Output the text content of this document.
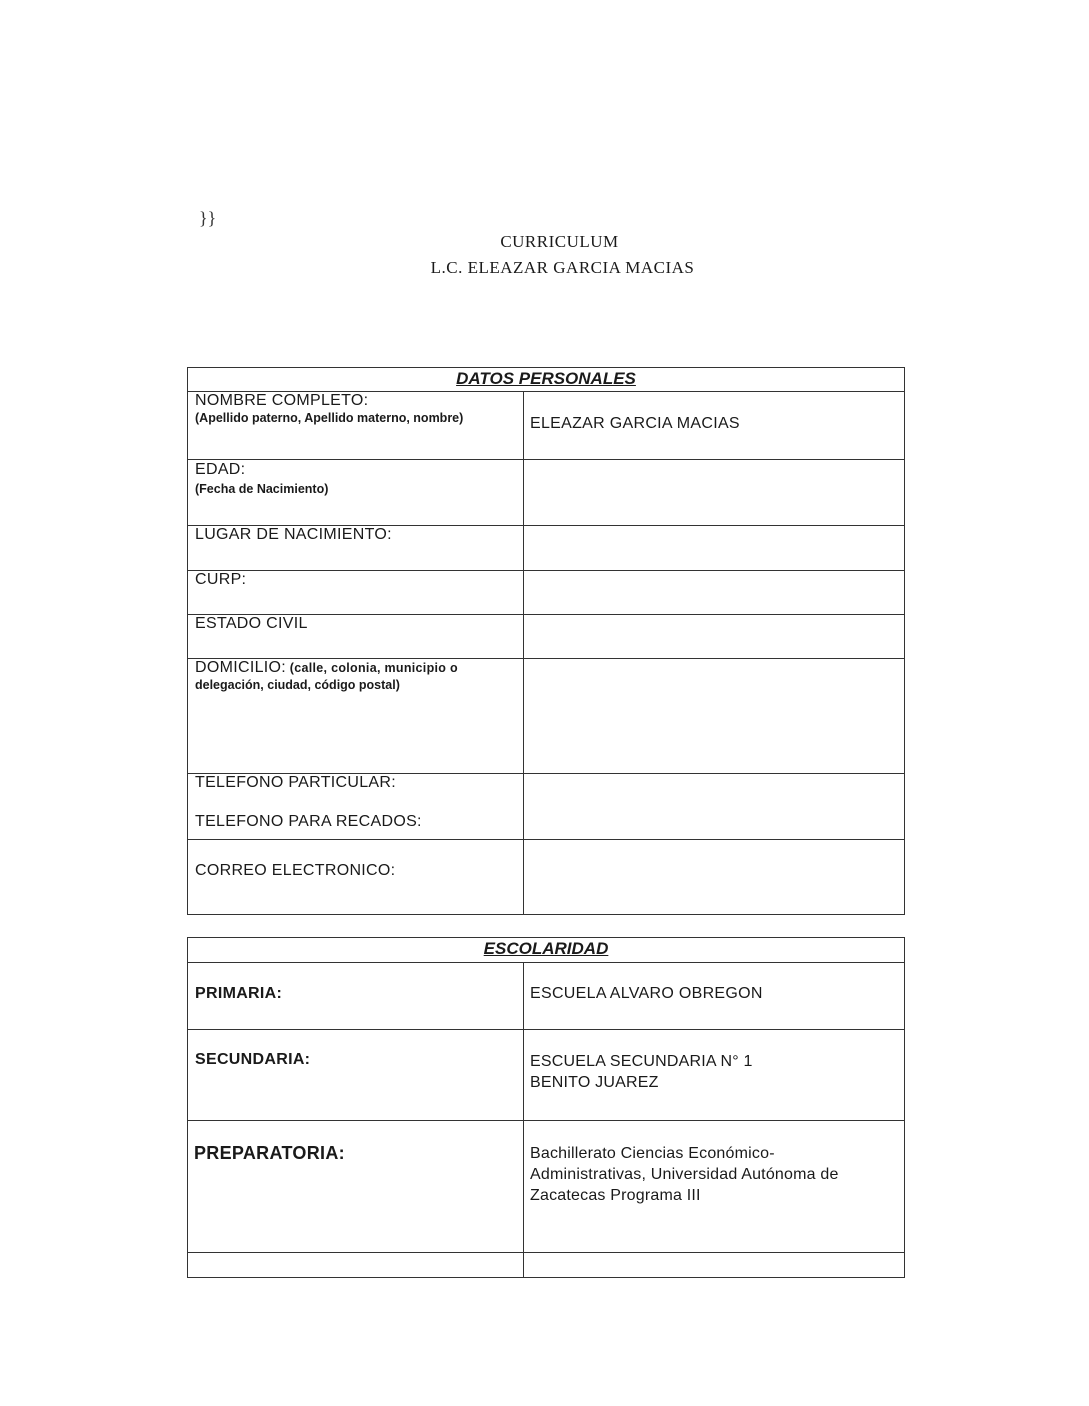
}}
CURRICULUM
L.C. ELEAZAR GARCIA MACIAS
DATOS PERSONALES	

NOMBRE COMPLETO:
(Apellido paterno, Apellido materno, nombre)	ELEAZAR GARCIA MACIAS

EDAD:
(Fecha de Nacimiento)	

LUGAR DE NACIMIENTO:	

CURP:	

ESTADO CIVIL	

DOMICILIO: (calle, colonia, municipio o
delegación, ciudad, código postal)	

TELEFONO PARTICULAR:
TELEFONO PARA RECADOS:	

CORREO ELECTRONICO:	

ESCOLARIDAD	

PRIMARIA:	ESCUELA ALVARO OBREGON

SECUNDARIA:	ESCUELA SECUNDARIA N° 1
BENITO JUAREZ

PREPARATORIA:	Bachillerato Ciencias Económico-
Administrativas, Universidad Autónoma de
Zacatecas Programa III
